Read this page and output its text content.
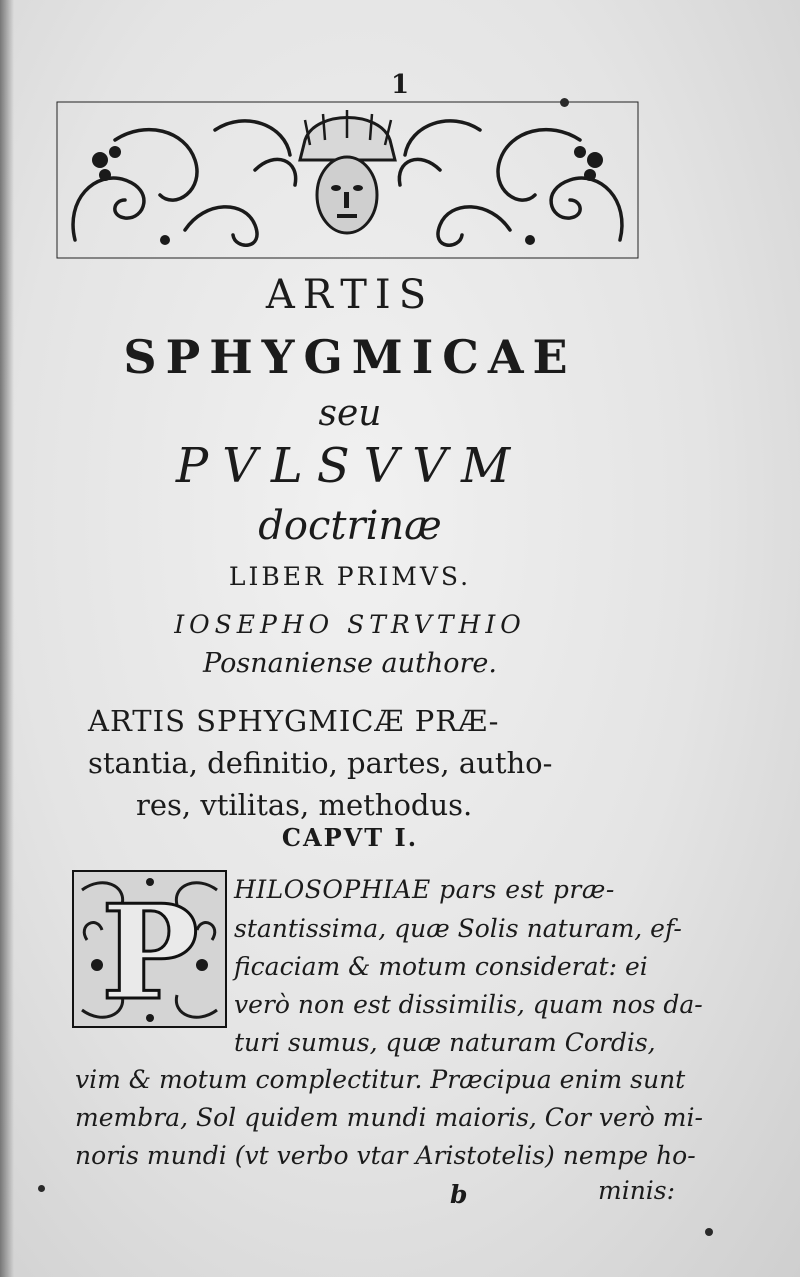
1
ARTIS
SPHYGMICAE
seu
PVLSVVM
doctrinæ
LIBER PRIMVS.
IOSEPHO STRVTHIO
Posnaniense authore.
ARTIS SPHYGMICÆ PRÆ-
stantia, definitio, partes, autho-
res, vtilitas, methodus.
CAPVT I.
P HILOSOPHIAE pars est præ-
stantissima, quæ Solis naturam, ef-
ficaciam & motum considerat: ei
verò non est dissimilis, quam nos da-
turi sumus, quæ naturam Cordis,
vim & motum complectitur. Præcipua enim sunt
membra, Sol quidem mundi maioris, Cor verò mi-
noris mundi (vt verbo vtar Aristotelis) nempe ho-
b	minis:
